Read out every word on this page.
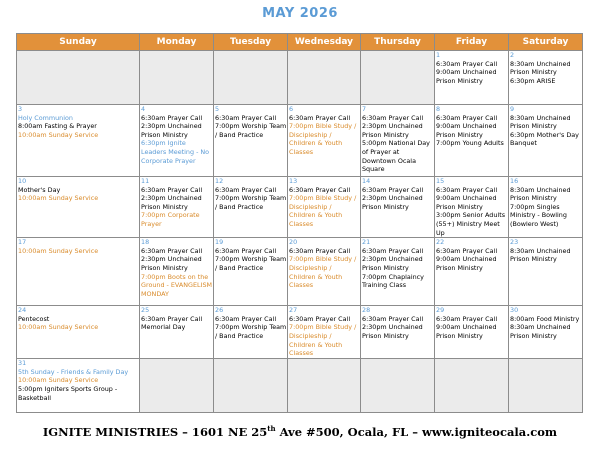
MAY 2026
Sunday	Monday	Tuesday	Wednesday	Thursday	Friday	Saturday

					1
6:30am Prayer Call
9:00am Unchained Prison Ministry	2
8:30am Unchained Prison Ministry
6:30pm ARISE

3
Holy Communion
8:00am Fasting & Prayer
10:00am Sunday Service	4
6:30am Prayer Call
2:30pm Unchained Prison Ministry
6:30pm Ignite Leaders Meeting - No Corporate Prayer	5
6:30am Prayer Call
7:00pm Worship Team / Band Practice	6
6:30am Prayer Call
7:00pm Bible Study / Discipleship / Children & Youth Classes	7
6:30am Prayer Call
2:30pm Unchained Prison Ministry
5:00pm National Day of Prayer at Downtown Ocala Square	8
6:30am Prayer Call
9:00am Unchained Prison Ministry
7:00pm Young Adults	9
8:30am Unchained Prison Ministry
6:30pm Mother's Day Banquet

10
Mother's Day
10:00am Sunday Service	11
6:30am Prayer Call
2:30pm Unchained Prison Ministry
7:00pm Corporate Prayer	12
6:30am Prayer Call
7:00pm Worship Team / Band Practice	13
6:30am Prayer Call
7:00pm Bible Study / Discipleship / Children & Youth Classes	14
6:30am Prayer Call
2:30pm Unchained Prison Ministry	15
6:30am Prayer Call
9:00am Unchained Prison Ministry
3:00pm Senior Adults (55+) Ministry Meet Up	16
8:30am Unchained Prison Ministry
7:00pm Singles Ministry - Bowling (Bowlero West)

17
10:00am Sunday Service	18
6:30am Prayer Call
2:30pm Unchained Prison Ministry
7:00pm Boots on the Ground - EVANGELISM MONDAY	19
6:30am Prayer Call
7:00pm Worship Team / Band Practice	20
6:30am Prayer Call
7:00pm Bible Study / Discipleship / Children & Youth Classes	21
6:30am Prayer Call
2:30pm Unchained Prison Ministry
7:00pm Chaplaincy Training Class	22
6:30am Prayer Call
9:00am Unchained Prison Ministry	23
8:30am Unchained Prison Ministry

24
Pentecost
10:00am Sunday Service	25
6:30am Prayer Call
Memorial Day	26
6:30am Prayer Call
7:00pm Worship Team / Band Practice	27
6:30am Prayer Call
7:00pm Bible Study / Discipleship / Children & Youth Classes	28
6:30am Prayer Call
2:30pm Unchained Prison Ministry	29
6:30am Prayer Call
9:00am Unchained Prison Ministry	30
8:00am Food Ministry
8:30am Unchained Prison Ministry

31
5th Sunday - Friends & Family Day
10:00am Sunday Service
5:00pm Igniters Sports Group - Basketball						

IGNITE MINISTRIES – 1601 NE 25th Ave #500, Ocala, FL – www.igniteocala.com
